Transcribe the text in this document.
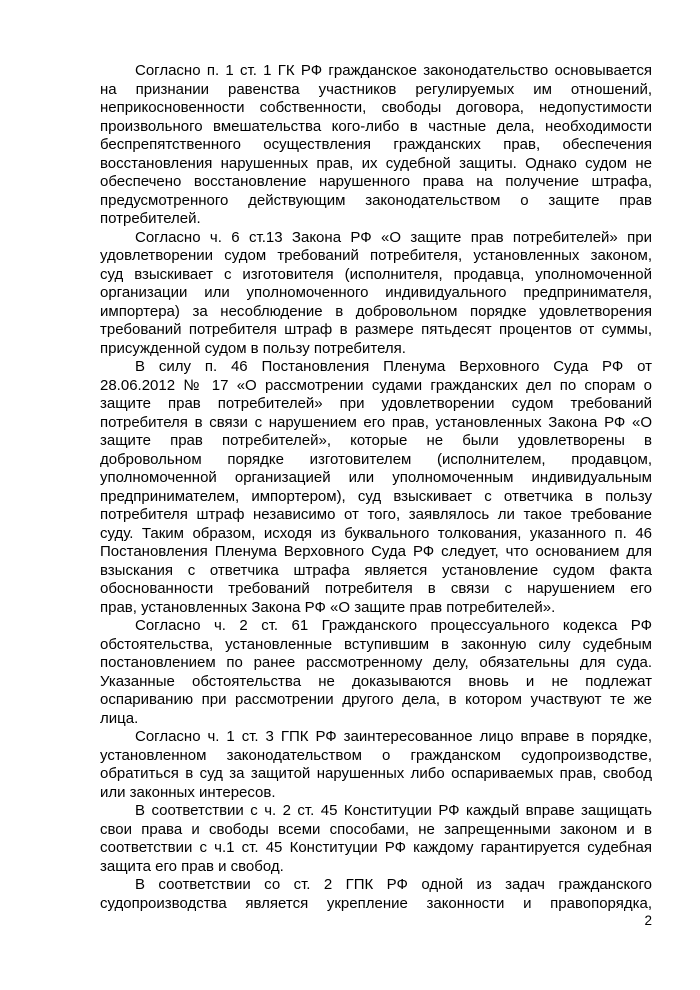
Согласно п. 1 ст. 1 ГК РФ гражданское законодательство основывается
на признании равенства участников регулируемых им отношений,
неприкосновенности собственности, свободы договора, недопустимости
произвольного вмешательства кого-либо в частные дела, необходимости
беспрепятственного осуществления гражданских прав, обеспечения
восстановления нарушенных прав, их судебной защиты. Однако судом не
обеспечено восстановление нарушенного права на получение штрафа,
предусмотренного действующим законодательством о защите прав
потребителей.
Согласно ч. 6 ст.13 Закона РФ «О защите прав потребителей» при
удовлетворении судом требований потребителя, установленных законом,
суд взыскивает с изготовителя (исполнителя, продавца, уполномоченной
организации или уполномоченного индивидуального предпринимателя,
импортера) за несоблюдение в добровольном порядке удовлетворения
требований потребителя штраф в размере пятьдесят процентов от суммы,
присужденной судом в пользу потребителя.
В силу п. 46 Постановления Пленума Верховного Суда РФ от
28.06.2012 № 17 «О рассмотрении судами гражданских дел по спорам о
защите прав потребителей» при удовлетворении судом требований
потребителя в связи с нарушением его прав, установленных Закона РФ «О
защите прав потребителей», которые не были удовлетворены в
добровольном порядке изготовителем (исполнителем, продавцом,
уполномоченной организацией или уполномоченным индивидуальным
предпринимателем, импортером), суд взыскивает с ответчика в пользу
потребителя штраф независимо от того, заявлялось ли такое требование
суду. Таким образом, исходя из буквального толкования, указанного п. 46
Постановления Пленума Верховного Суда РФ следует, что основанием для
взыскания с ответчика штрафа является установление судом факта
обоснованности требований потребителя в связи с нарушением его
прав, установленных Закона РФ «О защите прав потребителей».
Согласно ч. 2 ст. 61 Гражданского процессуального кодекса РФ
обстоятельства, установленные вступившим в законную силу судебным
постановлением по ранее рассмотренному делу, обязательны для суда.
Указанные обстоятельства не доказываются вновь и не подлежат
оспариванию при рассмотрении другого дела, в котором участвуют те же
лица.
Согласно ч. 1 ст. 3 ГПК РФ заинтересованное лицо вправе в порядке,
установленном законодательством о гражданском судопроизводстве,
обратиться в суд за защитой нарушенных либо оспариваемых прав, свобод
или законных интересов.
В соответствии с ч. 2 ст. 45 Конституции РФ каждый вправе защищать
свои права и свободы всеми способами, не запрещенными законом и в
соответствии с ч.1 ст. 45 Конституции РФ каждому гарантируется судебная
защита его прав и свобод.
В соответствии со ст. 2 ГПК РФ одной из задач гражданского
судопроизводства является укрепление законности и правопорядка,
2
